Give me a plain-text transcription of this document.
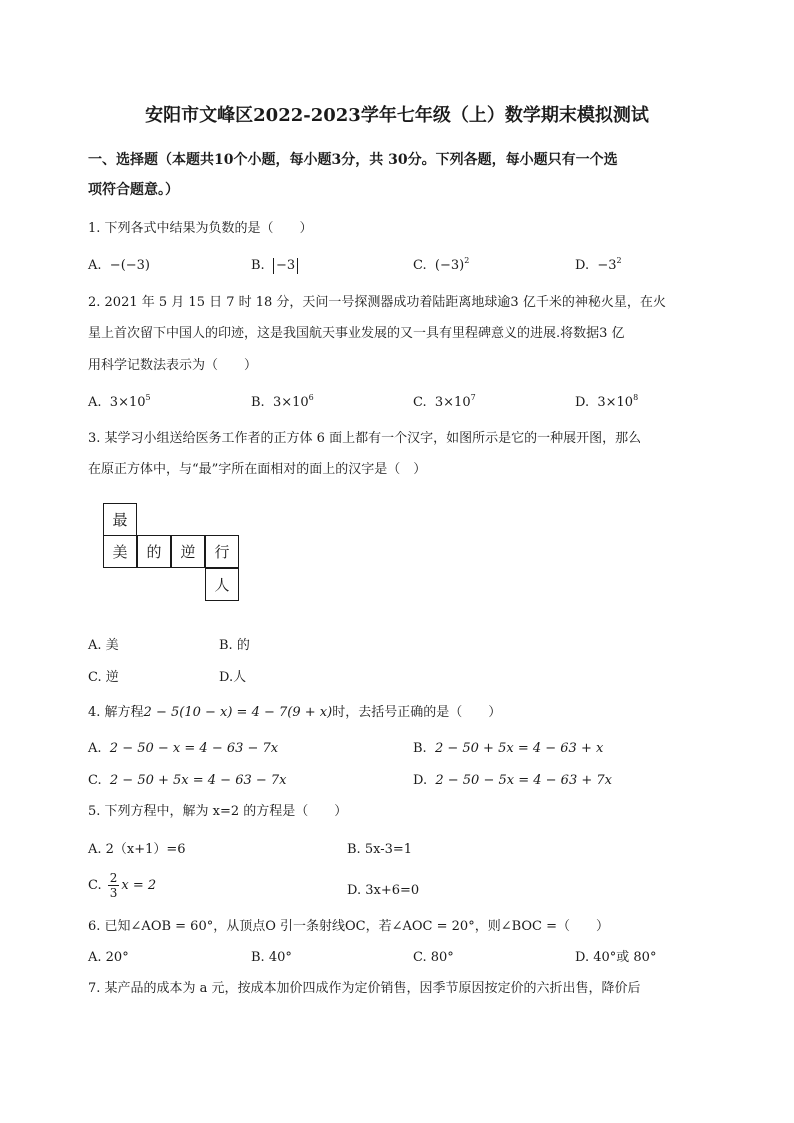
安阳市文峰区2022-2023学年七年级（上）数学期末模拟测试
一、选择题（本题共10个小题，每小题3分，共 30分。下列各题，每小题只有一个选
项符合题意。）
1. 下列各式中结果为负数的是（　　）
A. −(−3)	B. −3	C. $(-3)^2$	D. $-3^2$
2. 2021 年 5 月 15 日 7 时 18 分，天问一号探测器成功着陆距离地球逾3 亿千米的神秘火星，在火
星上首次留下中国人的印迹，这是我国航天事业发展的又一具有里程碑意义的进展.将数据3 亿
用科学记数法表示为（　　）
A. $3\times 10^5$	B. $3\times 10^6$	C. $3\times 10^7$	D. $3\times 10^8$
3. 某学习小组送给医务工作者的正方体 6 面上都有一个汉字，如图所示是它的一种展开图，那么
在原正方体中，与“最”字所在面相对的面上的汉字是（　）
最
美	的	逆	行
人
A. 美	B. 的
C. 逆	D.人
4. 解方程2 − 5(10 − x) = 4 − 7(9 + x)时，去括号正确的是（　　）
A. 2 − 50 − x = 4 − 63 − 7x	B. 2 − 50 + 5x = 4 − 63 + x
C. 2 − 50 + 5x = 4 − 63 − 7x	D. 2 − 50 − 5x = 4 − 63 + 7x
5. 下列方程中，解为 x=2 的方程是（　　）
A. 2（x+1）=6	B. 5x-3=1
C. $\frac{2}{3}$ x = 2	D. 3x+6=0
6. 已知∠AOB = 60°，从顶点O 引一条射线OC，若∠AOC = 20°，则∠BOC =（　　）
A. 20°	B. 40°	C. 80°	D. 40°或 80°
7. 某产品的成本为 a 元，按成本加价四成作为定价销售，因季节原因按定价的六折出售，降价后
